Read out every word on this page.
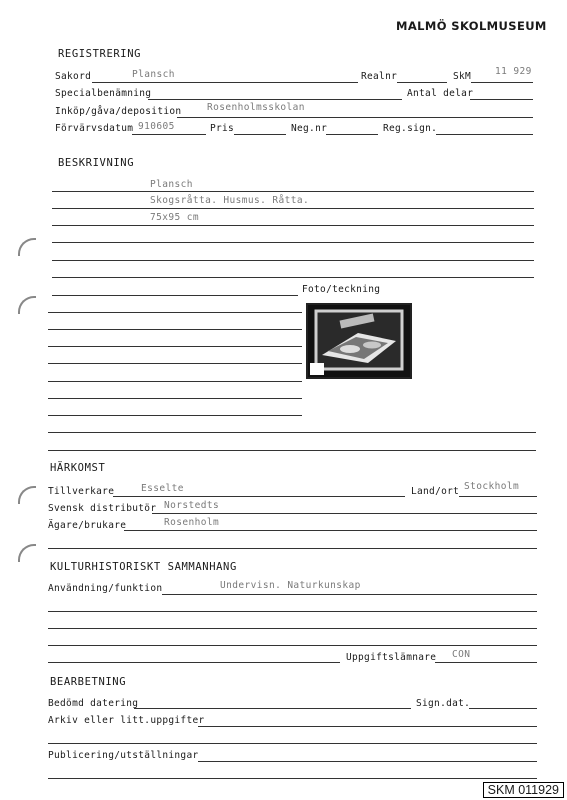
MALMÖ SKOLMUSEUM
REGISTRERING
Sakord	Plansch	Realnr	SkM	11 929
Specialbenämning	Antal delar
Inköp/gåva/deposition	Rosenholmsskolan
Förvärvsdatum 910605	Pris	Neg.nr	Reg.sign.
BESKRIVNING
Plansch
Skogsråtta. Husmus. Råtta.
75x95 cm
Foto/teckning
HÄRKOMST
Tillverkare	Esselte	Land/ort Stockholm
Svensk distributör Norstedts
Ägare/brukare	Rosenholm
KULTURHISTORISKT SAMMANHANG
Användning/funktion	Undervisn. Naturkunskap
Uppgiftslämnare CON
BEARBETNING
Bedömd datering	Sign.dat.
Arkiv eller litt.uppgifter
Publicering/utställningar
SKM 011929
